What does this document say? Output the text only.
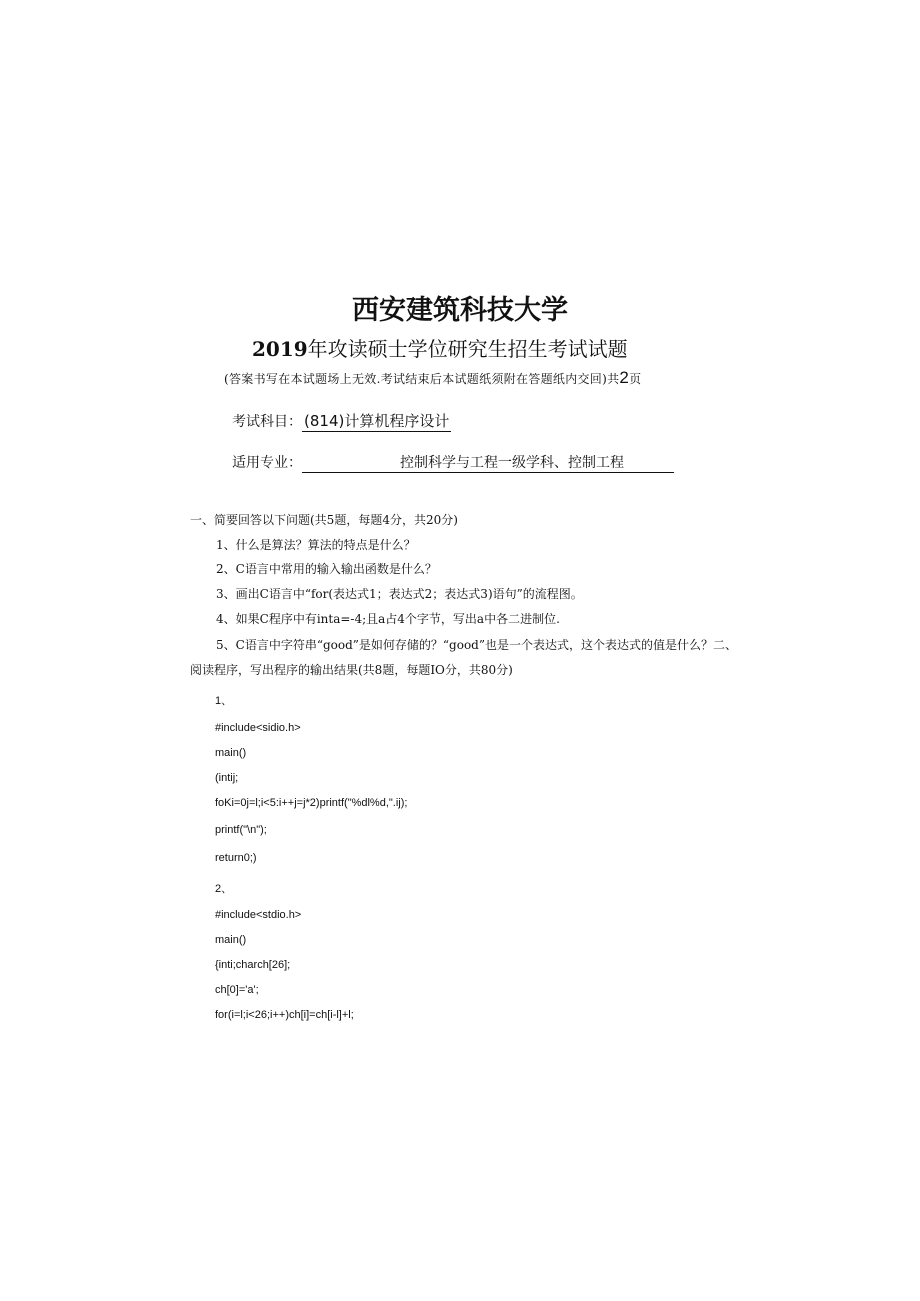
西安建筑科技大学
2019年攻读硕士学位研究生招生考试试题
(答案书写在本试题场上无效.考试结束后本试题纸须附在答题纸内交回)共2页
考试科目： (814)计算机程序设计
适用专业：	控制科学与工程一级学科、控制工程
一、简要回答以下问题(共5题，每题4分，共20分)
1、什么是算法？算法的特点是什么？
2、C语言中常用的输入输出函数是什么？
3、画出C语言中“for(表达式1；表达式2；表达式3)语句”的流程图。
4、如果C程序中有inta=-4;且a占4个字节，写出a中各二进制位.
5、C语言中字符串“good”是如何存储的？“good”也是一个表达式，这个表达式的值是什么？二、
阅读程序，写出程序的输出结果(共8题，每题IO分，共80分)
1、
#include<sidio.h>
main()
(intij;
foKi=0j=l;i<5:i++j=j*2)printf("%dl%d,".ij);
printf("\n");
return0;)
2、
#include<stdio.h>
main()
{inti;charch[26];
ch[0]='a';
for(i=l;i<26;i++)ch[i]=ch[i-l]+l;
